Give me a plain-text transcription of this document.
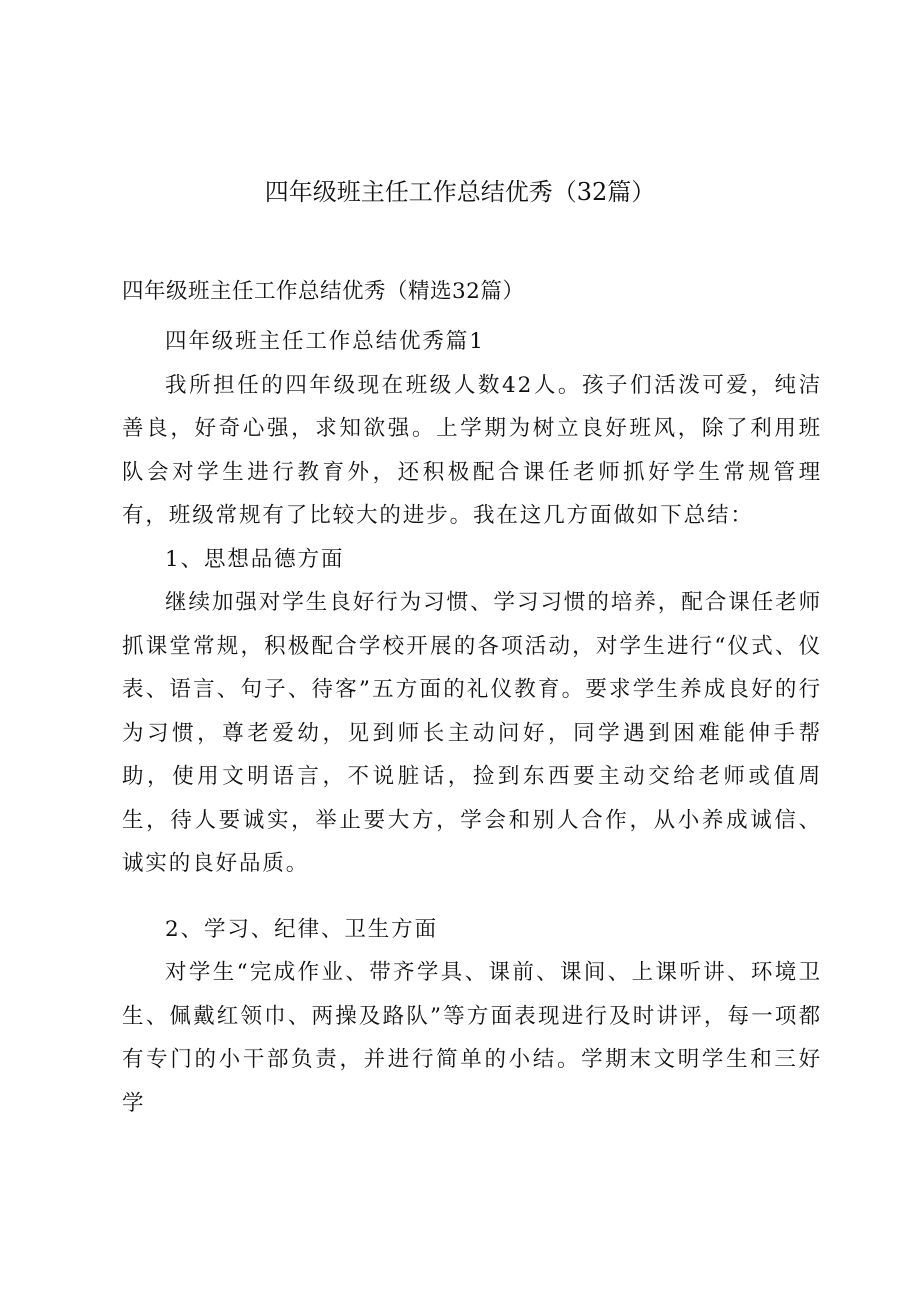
四年级班主任工作总结优秀（32篇）
四年级班主任工作总结优秀（精选32篇）
四年级班主任工作总结优秀篇1

我所担任的四年级现在班级人数42人。孩子们活泼可爱，纯洁善良，好奇心强，求知欲强。上学期为树立良好班风，除了利用班队会对学生进行教育外，还积极配合课任老师抓好学生常规管理有，班级常规有了比较大的进步。我在这几方面做如下总结：

1、思想品德方面

继续加强对学生良好行为习惯、学习习惯的培养，配合课任老师抓课堂常规，积极配合学校开展的各项活动，对学生进行“仪式、仪表、语言、句子、待客”五方面的礼仪教育。要求学生养成良好的行为习惯，尊老爱幼，见到师长主动问好，同学遇到困难能伸手帮助，使用文明语言，不说脏话，捡到东西要主动交给老师或值周生，待人要诚实，举止要大方，学会和别人合作，从小养成诚信、诚实的良好品质。

2、学习、纪律、卫生方面

对学生“完成作业、带齐学具、课前、课间、上课听讲、环境卫生、佩戴红领巾、两操及路队”等方面表现进行及时讲评，每一项都有专门的小干部负责，并进行简单的小结。学期末文明学生和三好学
